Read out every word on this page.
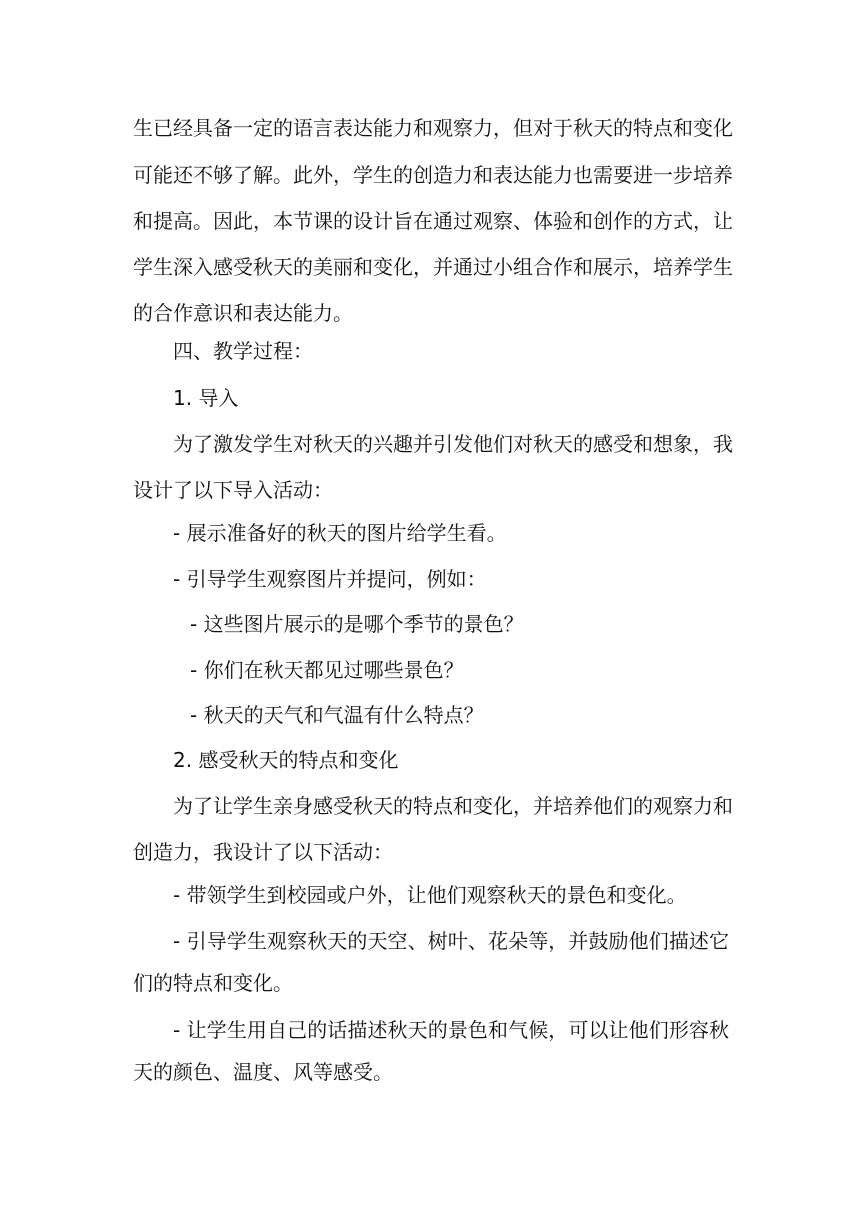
生已经具备一定的语言表达能力和观察力，但对于秋天的特点和变化
可能还不够了解。此外，学生的创造力和表达能力也需要进一步培养
和提高。因此，本节课的设计旨在通过观察、体验和创作的方式，让
学生深入感受秋天的美丽和变化，并通过小组合作和展示，培养学生
的合作意识和表达能力。
四、教学过程：
1. 导入
为了激发学生对秋天的兴趣并引发他们对秋天的感受和想象，我
设计了以下导入活动：
- 展示准备好的秋天的图片给学生看。
- 引导学生观察图片并提问，例如：
- 这些图片展示的是哪个季节的景色？
- 你们在秋天都见过哪些景色？
- 秋天的天气和气温有什么特点？
2. 感受秋天的特点和变化
为了让学生亲身感受秋天的特点和变化，并培养他们的观察力和
创造力，我设计了以下活动：
- 带领学生到校园或户外，让他们观察秋天的景色和变化。
- 引导学生观察秋天的天空、树叶、花朵等，并鼓励他们描述它
们的特点和变化。
- 让学生用自己的话描述秋天的景色和气候，可以让他们形容秋
天的颜色、温度、风等感受。
